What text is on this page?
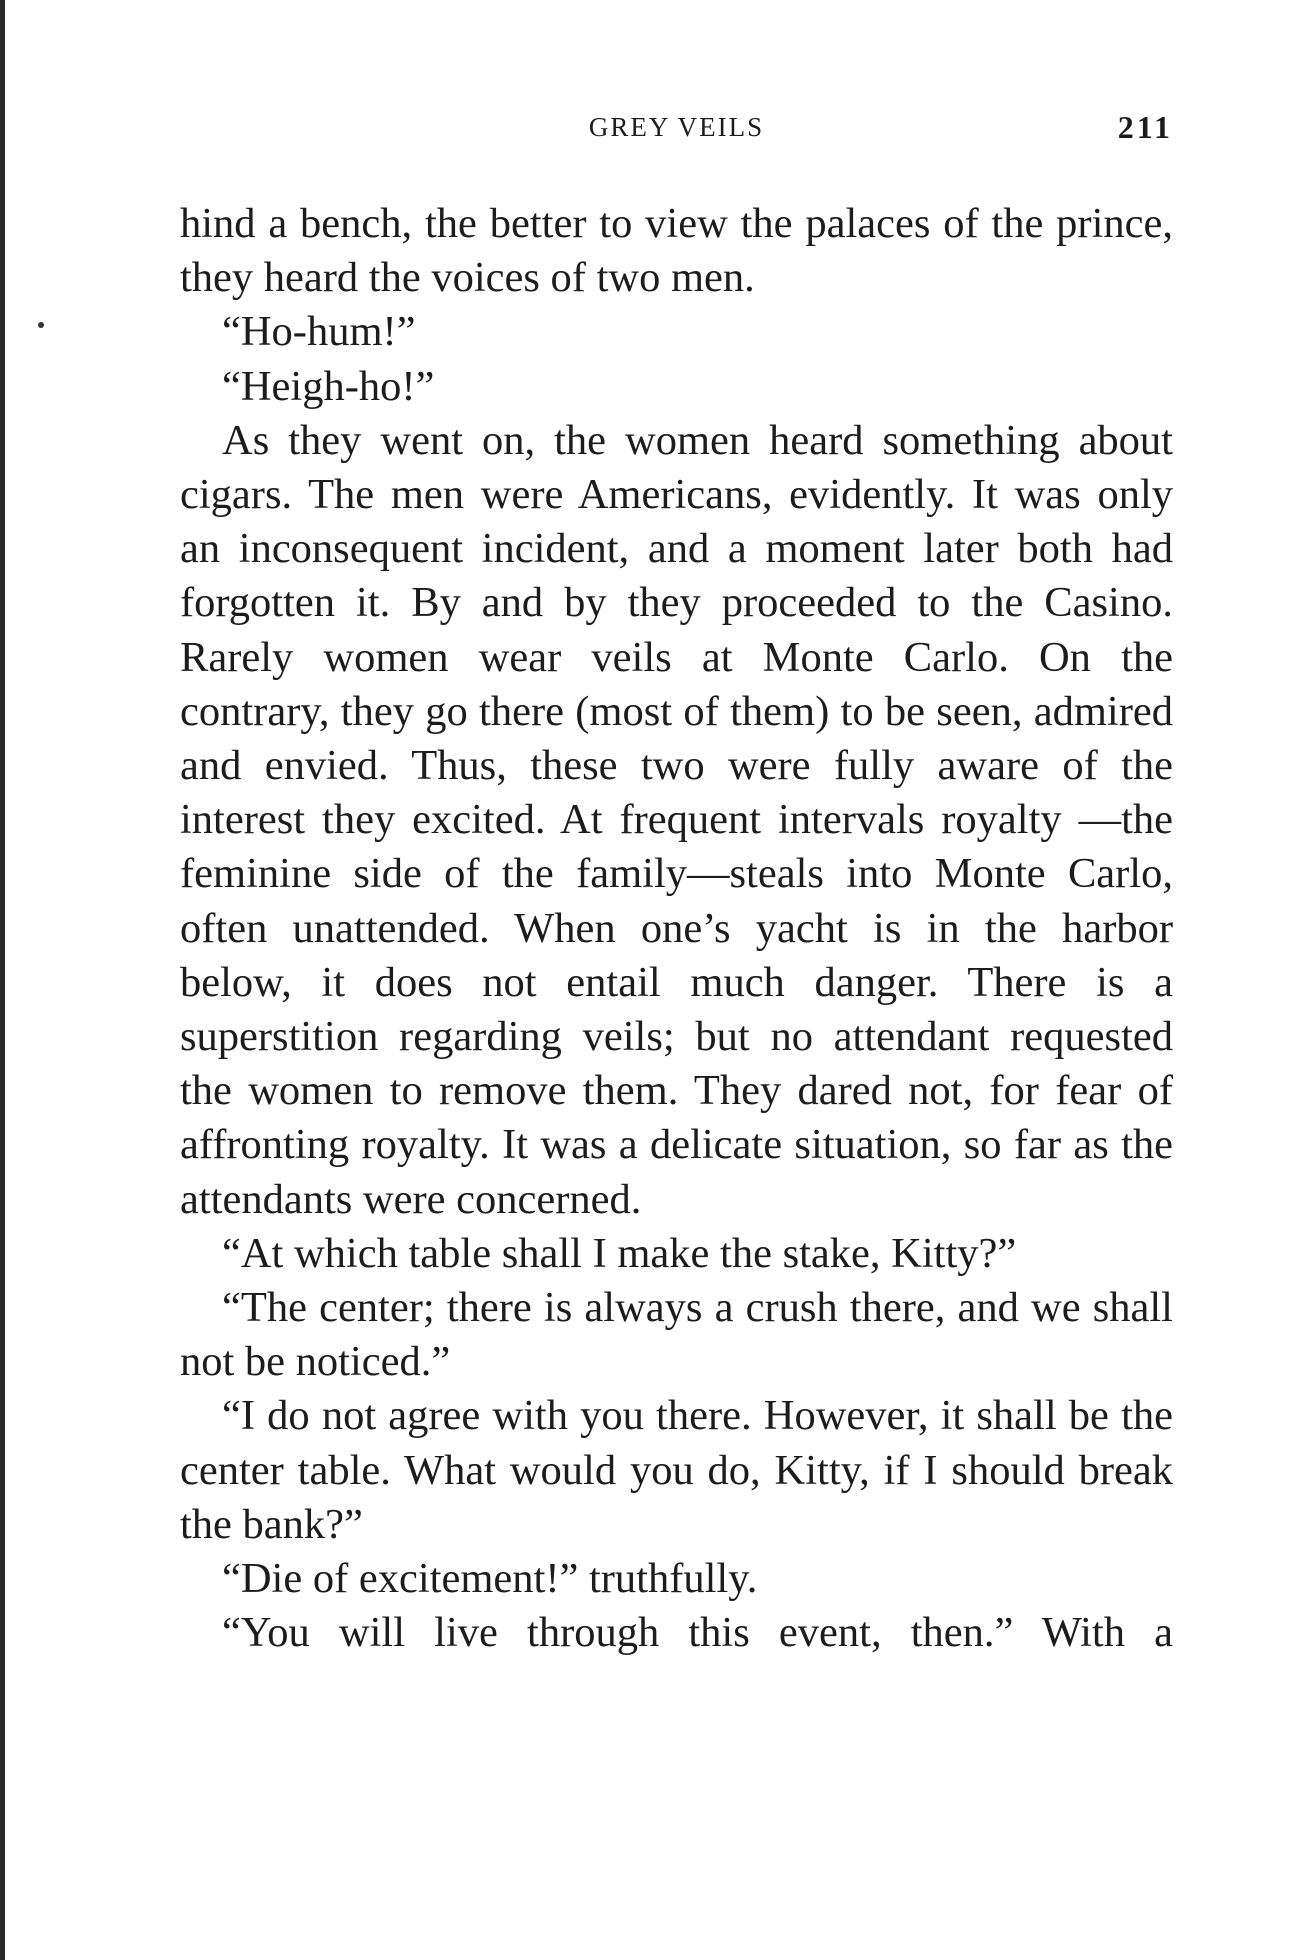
GREY VEILS	211

hind a bench, the better to view the palaces of the prince, they heard the voices of two men.

“Ho-hum!”

“Heigh-ho!”

As they went on, the women heard something about cigars. The men were Americans, evidently. It was only an inconsequent incident, and a moment later both had forgotten it. By and by they proceeded to the Casino. Rarely women wear veils at Monte Carlo. On the contrary, they go there (most of them) to be seen, admired and envied. Thus, these two were fully aware of the interest they excited. At frequent intervals royalty —the feminine side of the family—steals into Monte Carlo, often unattended. When one’s yacht is in the harbor below, it does not entail much danger. There is a superstition regarding veils; but no attendant requested the women to remove them. They dared not, for fear of affronting royalty. It was a delicate situation, so far as the attendants were concerned.

“At which table shall I make the stake, Kitty?”

“The center; there is always a crush there, and we shall not be noticed.”

“I do not agree with you there. However, it shall be the center table. What would you do, Kitty, if I should break the bank?”

“Die of excitement!” truthfully.

“You will live through this event, then.” With a
